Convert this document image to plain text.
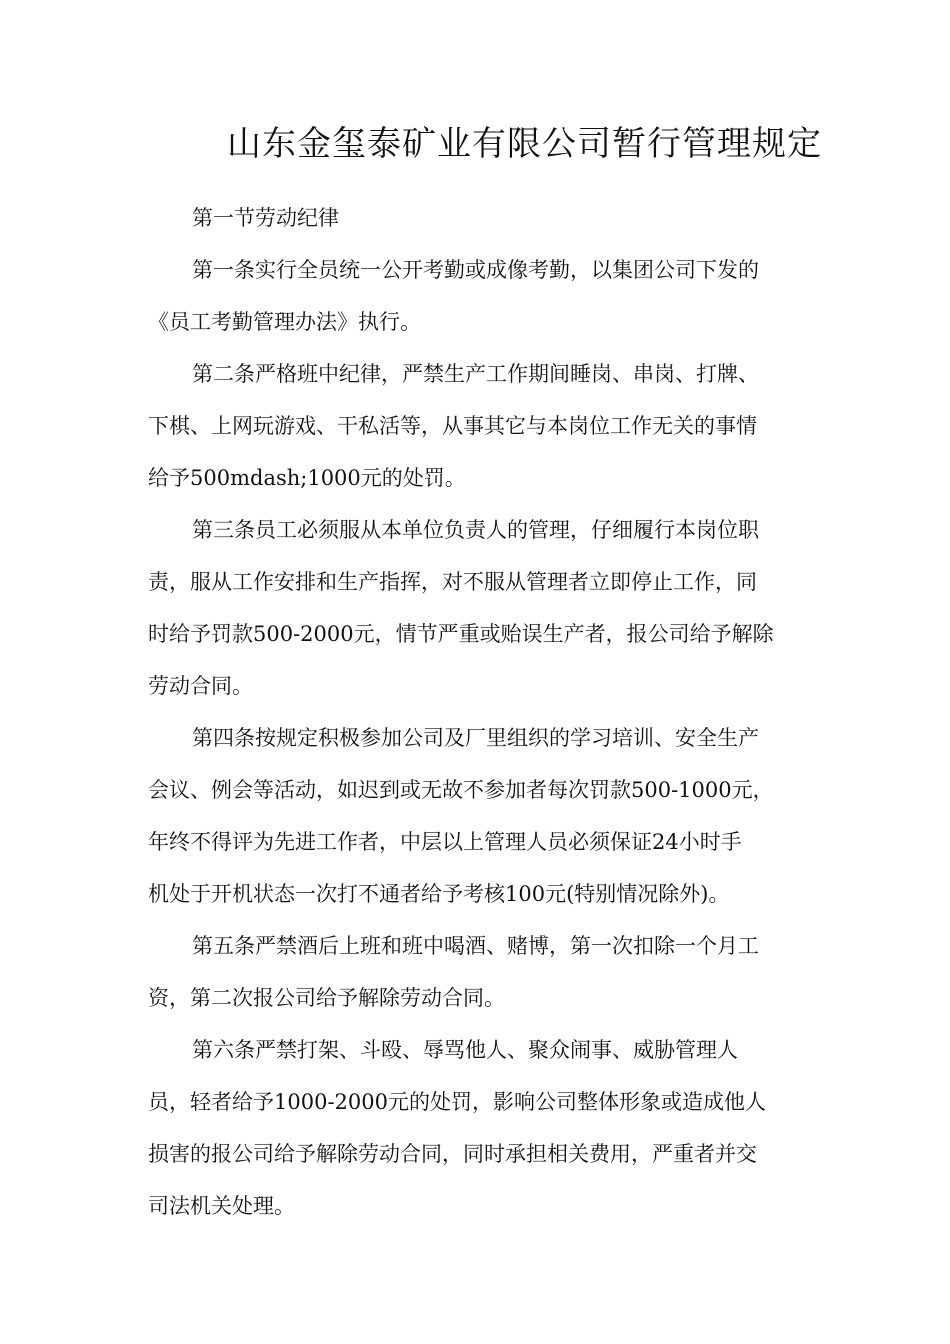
山东金玺泰矿业有限公司暂行管理规定
第一节劳动纪律
第一条实行全员统一公开考勤或成像考勤，以集团公司下发的
《员工考勤管理办法》执行。
第二条严格班中纪律，严禁生产工作期间睡岗、串岗、打牌、
下棋、上网玩游戏、干私活等，从事其它与本岗位工作无关的事情
给予500mdash;1000元的处罚。
第三条员工必须服从本单位负责人的管理，仔细履行本岗位职
责，服从工作安排和生产指挥，对不服从管理者立即停止工作，同
时给予罚款500-2000元，情节严重或贻误生产者，报公司给予解除
劳动合同。
第四条按规定积极参加公司及厂里组织的学习培训、安全生产
会议、例会等活动，如迟到或无故不参加者每次罚款500-1000元，
年终不得评为先进工作者，中层以上管理人员必须保证24小时手
机处于开机状态一次打不通者给予考核100元(特别情况除外)。
第五条严禁酒后上班和班中喝酒、赌博，第一次扣除一个月工
资，第二次报公司给予解除劳动合同。
第六条严禁打架、斗殴、辱骂他人、聚众闹事、威胁管理人
员，轻者给予1000-2000元的处罚，影响公司整体形象或造成他人
损害的报公司给予解除劳动合同，同时承担相关费用，严重者并交
司法机关处理。
